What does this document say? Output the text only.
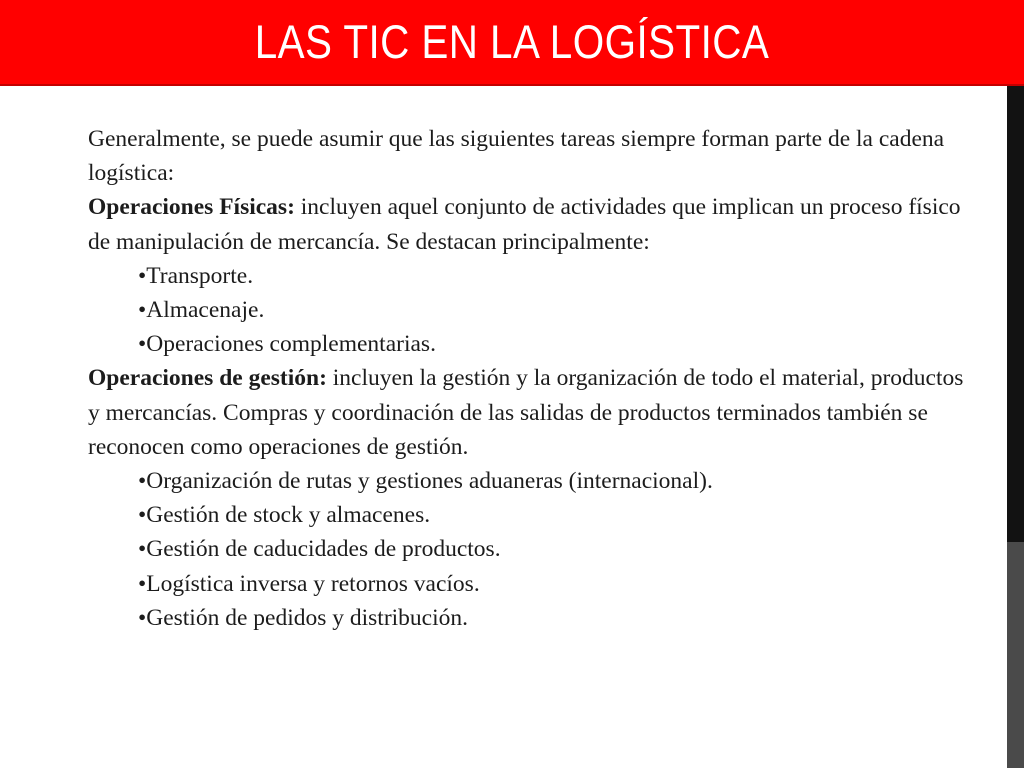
LAS TIC EN LA LOGÍSTICA

Generalmente, se puede asumir que las siguientes tareas siempre forman parte de la cadena logística:

Operaciones Físicas: incluyen aquel conjunto de actividades que implican un proceso físico de manipulación de mercancía. Se destacan principalmente:

•Transporte.

•Almacenaje.

•Operaciones complementarias.

Operaciones de gestión: incluyen la gestión y la organización de todo el material, productos y mercancías. Compras y coordinación de las salidas de productos terminados también se reconocen como operaciones de gestión.

•Organización de rutas y gestiones aduaneras (internacional).

•Gestión de stock y almacenes.

•Gestión de caducidades de productos.

•Logística inversa y retornos vacíos.

•Gestión de pedidos y distribución.
